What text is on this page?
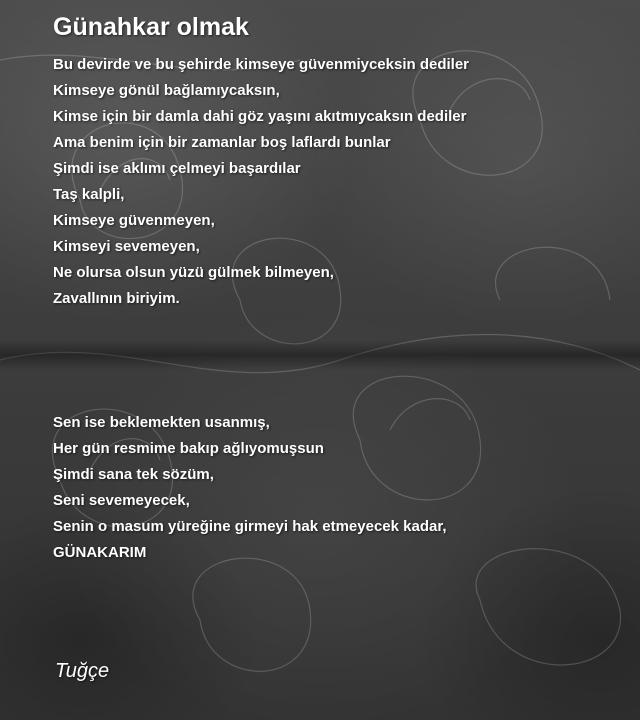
Günahkar olmak
Bu devirde ve bu şehirde kimseye güvenmiyceksin dediler
Kimseye gönül bağlamıycaksın,
Kimse için bir damla dahi göz yaşını akıtmıycaksın dediler
Ama benim için bir zamanlar boş laflardı bunlar
Şimdi ise aklımı çelmeyi başardılar
Taş kalpli,
Kimseye güvenmeyen,
Kimseyi sevemeyen,
Ne olursa olsun yüzü gülmek bilmeyen,
Zavallının biriyim.
Sen ise beklemekten usanmış,
Her gün resmime bakıp ağlıyomuşsun
Şimdi sana tek sözüm,
Seni sevemeyecek,
Senin o masum yüreğine girmeyi hak etmeyecek kadar,
GÜNAKARIM
Tuğçe
